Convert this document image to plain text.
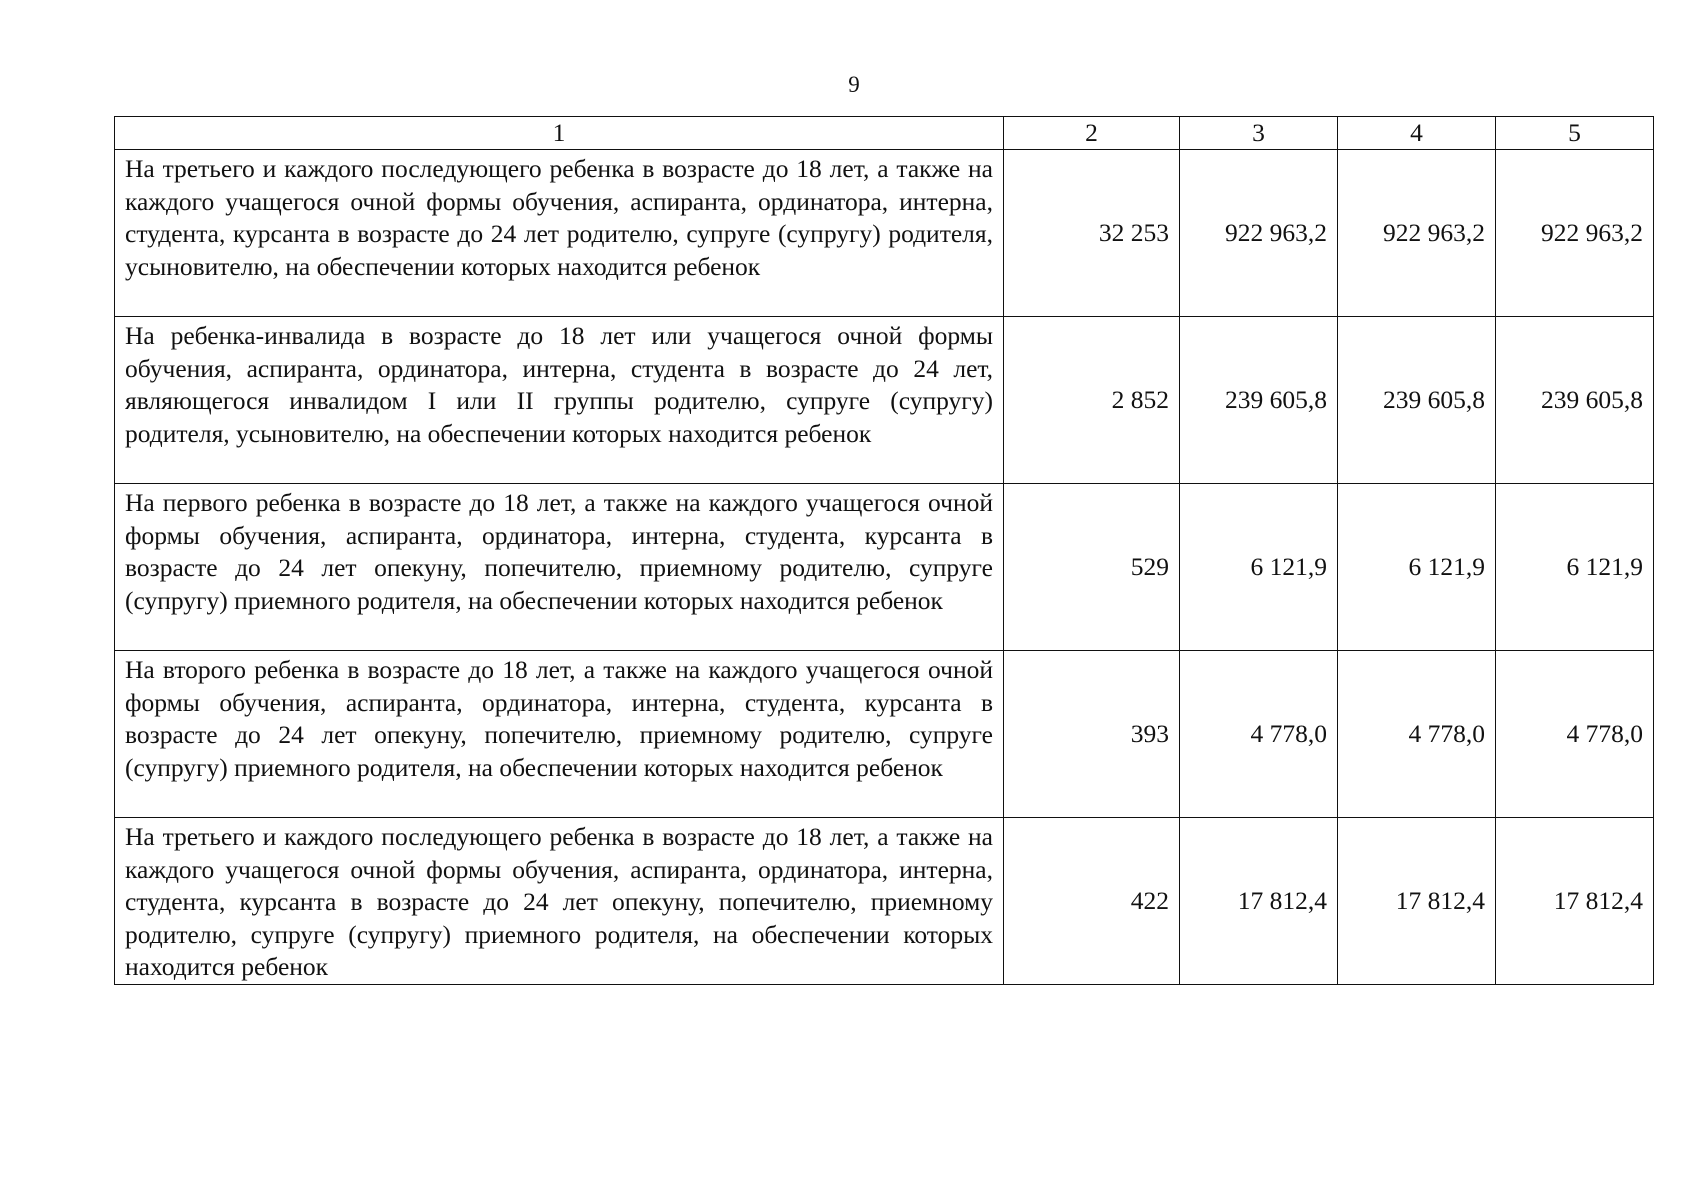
9
1	2	3	4	5
На третьего и каждого последующего ребенка в возрасте до 18 лет, а также на каждого учащегося очной формы обучения, аспиранта, ординатора, интерна, студента, курсанта в возрасте до 24 лет родителю, супруге (супругу) родителя, усыновителю, на обеспечении которых находится ребенок	32 253	922 963,2	922 963,2	922 963,2
На ребенка-инвалида в возрасте до 18 лет или учащегося очной формы обучения, аспиранта, ординатора, интерна, студента в возрасте до 24 лет, являющегося инвалидом I или II группы родителю, супруге (супругу) родителя, усыновителю, на обеспечении которых находится ребенок	2 852	239 605,8	239 605,8	239 605,8
На первого ребенка в возрасте до 18 лет, а также на каждого учащегося очной формы обучения, аспиранта, ординатора, интерна, студента, курсанта в возрасте до 24 лет опекуну, попечителю, приемному родителю, супруге (супругу) приемного родителя, на обеспечении которых находится ребенок	529	6 121,9	6 121,9	6 121,9
На второго ребенка в возрасте до 18 лет, а также на каждого учащегося очной формы обучения, аспиранта, ординатора, интерна, студента, курсанта в возрасте до 24 лет опекуну, попечителю, приемному родителю, супруге (супругу) приемного родителя, на обеспечении которых находится ребенок	393	4 778,0	4 778,0	4 778,0
На третьего и каждого последующего ребенка в возрасте до 18 лет, а также на каждого учащегося очной формы обучения, аспиранта, ординатора, интерна, студента, курсанта в возрасте до 24 лет опекуну, попечителю, приемному родителю, супруге (супругу) приемного родителя, на обеспечении которых находится ребенок	422	17 812,4	17 812,4	17 812,4
